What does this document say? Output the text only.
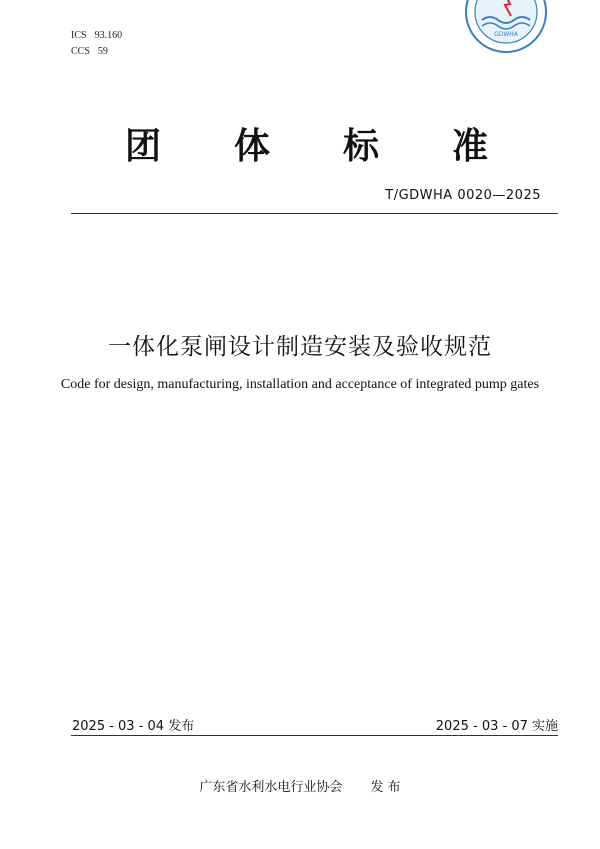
ICS 93.160
CCS 59
GDWHA
团 体 标 准
T/GDWHA 0020—2025
一体化泵闸设计制造安装及验收规范
Code for design, manufacturing, installation and acceptance of integrated pump gates
2025 - 03 - 04 发布	2025 - 03 - 07 实施
广东省水利水电行业协会 发 布
